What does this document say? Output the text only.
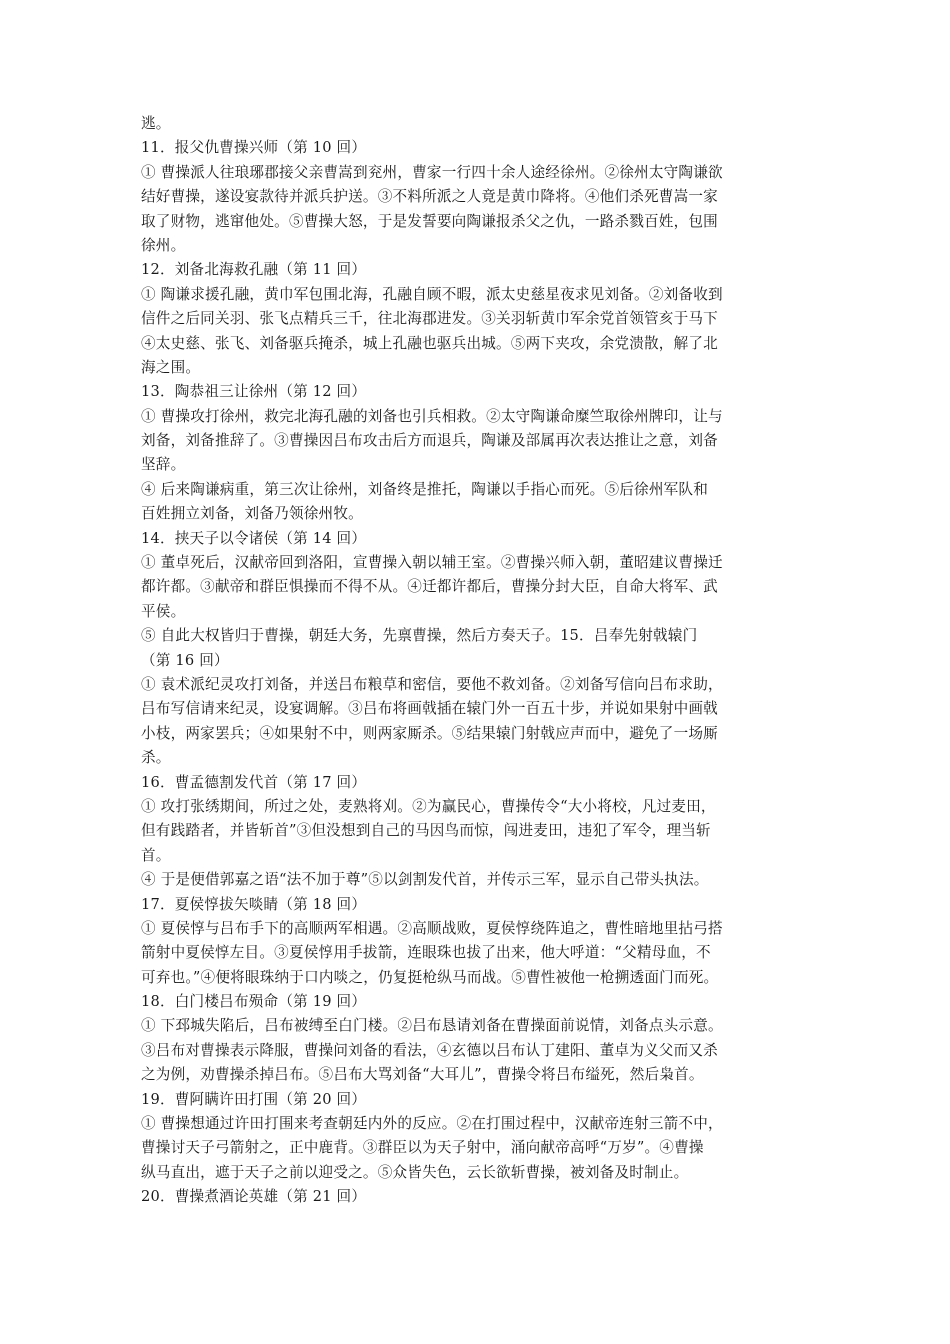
逃。
11．报父仇曹操兴师（第 10 回）
① 曹操派人往琅琊郡接父亲曹嵩到兖州，曹家一行四十余人途经徐州。②徐州太守陶谦欲
结好曹操，遂设宴款待并派兵护送。③不料所派之人竟是黄巾降将。④他们杀死曹嵩一家
取了财物，逃窜他处。⑤曹操大怒，于是发誓要向陶谦报杀父之仇，一路杀戮百姓，包围
徐州。
12．刘备北海救孔融（第 11 回）
① 陶谦求援孔融，黄巾军包围北海，孔融自顾不暇，派太史慈星夜求见刘备。②刘备收到
信件之后同关羽、张飞点精兵三千，往北海郡进发。③关羽斩黄巾军余党首领管亥于马下
④太史慈、张飞、刘备驱兵掩杀，城上孔融也驱兵出城。⑤两下夹攻，余党溃散，解了北
海之围。
13．陶恭祖三让徐州（第 12 回）
① 曹操攻打徐州，救完北海孔融的刘备也引兵相救。②太守陶谦命糜竺取徐州牌印，让与
刘备，刘备推辞了。③曹操因吕布攻击后方而退兵，陶谦及部属再次表达推让之意，刘备
坚辞。
④ 后来陶谦病重，第三次让徐州，刘备终是推托，陶谦以手指心而死。⑤后徐州军队和
百姓拥立刘备，刘备乃领徐州牧。
14．挟天子以令诸侯（第 14 回）
① 董卓死后，汉献帝回到洛阳，宣曹操入朝以辅王室。②曹操兴师入朝，董昭建议曹操迁
都许都。③献帝和群臣惧操而不得不从。④迁都许都后，曹操分封大臣，自命大将军、武
平侯。
⑤ 自此大权皆归于曹操，朝廷大务，先禀曹操，然后方奏天子。15．吕奉先射戟辕门
（第 16 回）
① 袁术派纪灵攻打刘备，并送吕布粮草和密信，要他不救刘备。②刘备写信向吕布求助，
吕布写信请来纪灵，设宴调解。③吕布将画戟插在辕门外一百五十步，并说如果射中画戟
小枝，两家罢兵；④如果射不中，则两家厮杀。⑤结果辕门射戟应声而中，避免了一场厮
杀。
16．曹孟德割发代首（第 17 回）
① 攻打张绣期间，所过之处，麦熟将刈。②为赢民心，曹操传令“大小将校，凡过麦田，
但有践踏者，并皆斩首”③但没想到自己的马因鸟而惊，闯进麦田，违犯了军令，理当斩
首。
④ 于是便借郭嘉之语“法不加于尊”⑤以剑割发代首，并传示三军，显示自己带头执法。
17．夏侯惇拔矢啖睛（第 18 回）
① 夏侯惇与吕布手下的高顺两军相遇。②高顺战败，夏侯惇绕阵追之，曹性暗地里拈弓搭
箭射中夏侯惇左目。③夏侯惇用手拔箭，连眼珠也拔了出来，他大呼道：“父精母血，不
可弃也。”④便将眼珠纳于口内啖之，仍复挺枪纵马而战。⑤曹性被他一枪搠透面门而死。
18．白门楼吕布殒命（第 19 回）
① 下邳城失陷后，吕布被缚至白门楼。②吕布恳请刘备在曹操面前说情，刘备点头示意。
③吕布对曹操表示降服，曹操问刘备的看法，④玄德以吕布认丁建阳、董卓为义父而又杀
之为例，劝曹操杀掉吕布。⑤吕布大骂刘备“大耳儿”，曹操令将吕布缢死，然后枭首。
19．曹阿瞒许田打围（第 20 回）
① 曹操想通过许田打围来考查朝廷内外的反应。②在打围过程中，汉献帝连射三箭不中，
曹操讨天子弓箭射之，正中鹿背。③群臣以为天子射中，涌向献帝高呼“万岁”。④曹操
纵马直出，遮于天子之前以迎受之。⑤众皆失色，云长欲斩曹操，被刘备及时制止。
20．曹操煮酒论英雄（第 21 回）
